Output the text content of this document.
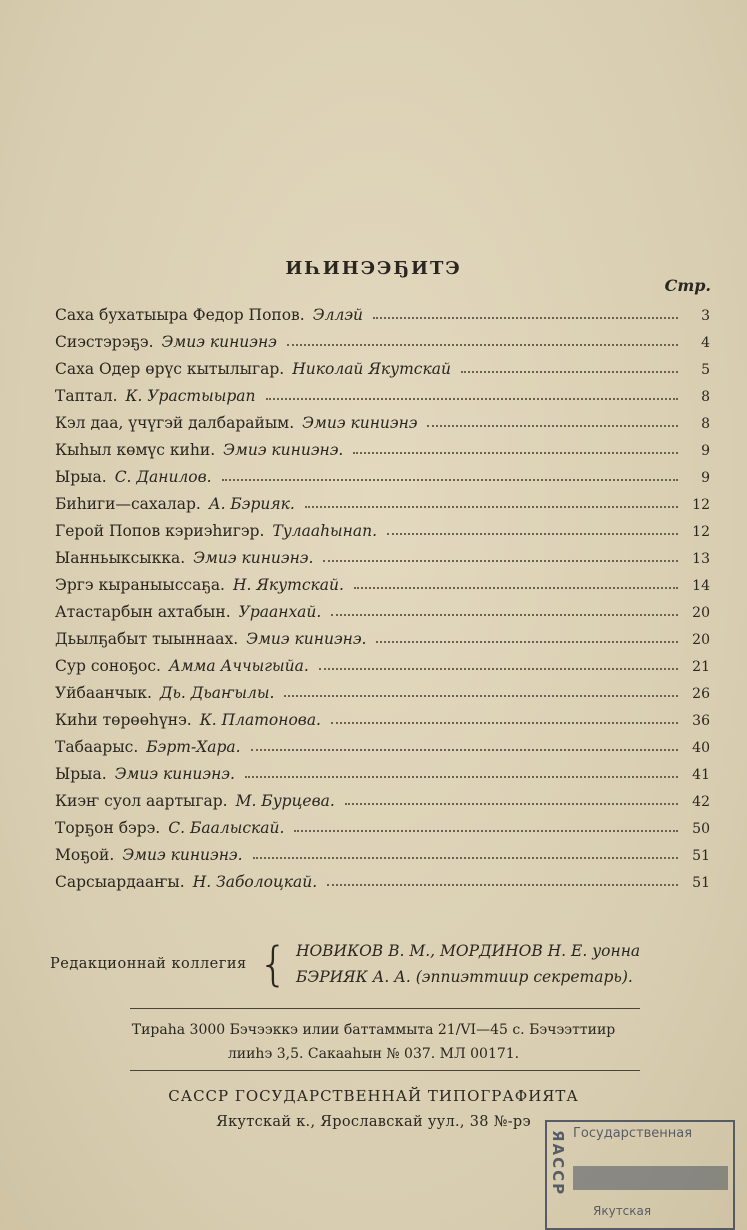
ИҺИНЭЭҔИТЭ
Стр.
Саха бухатыыра Федор Попов. Эллэй	3
Сиэстэрэҕэ. Эмиэ киниэнэ	4
Саха Одер өрүс кытылыгар. Николай Якутскай	5
Таптал. К. Урастыырап	8
Кэл даа, үчүгэй далбарайым. Эмиэ киниэнэ	8
Кыһыл көмүс киһи. Эмиэ киниэнэ.	9
Ырыа. С. Данилов.	9
Биһиги—сахалар. А. Бэрияк.	12
Герой Попов кэриэһигэр. Тулааһынап.	12
Ыанньыксыкка. Эмиэ киниэнэ.	13
Эргэ кыраныыссаҕа. Н. Якутскай.	14
Атастарбын ахтабын. Ураанхай.	20
Дьылҕабыт тыыннаах. Эмиэ киниэнэ.	20
Сур соноҕос. Амма Аччыгыйа.	21
Уйбаанчык. Дь. Дьаҥылы.	26
Киһи төрөөһүнэ. К. Платонова.	36
Табаарыс. Бэрт-Хара.	40
Ырыа. Эмиэ киниэнэ.	41
Киэҥ суол аартыгар. М. Бурцева.	42
Торҕон бэрэ. С. Баалыскай.	50
Моҕой. Эмиэ киниэнэ.	51
Сарсыардааҥы. Н. Заболоцкай.	51
Редакционнай коллегия { НОВИКОВ В. М., МОРДИНОВ Н. Е. уонна
БЭРИЯК А. А. (эппиэттиир секретарь).
Тираһа 3000 Бэчээккэ илии баттаммыта 21/VI—45 с. Бэчээттиир
лииһэ 3,5. Сакааһын № 037. МЛ 00171.
САССР ГОСУДАРСТВЕННАЙ ТИПОГРАФИЯТА
Якутскай к., Ярославскай уул., 38 №-рэ
ЯАССР Государственная
Якутская
